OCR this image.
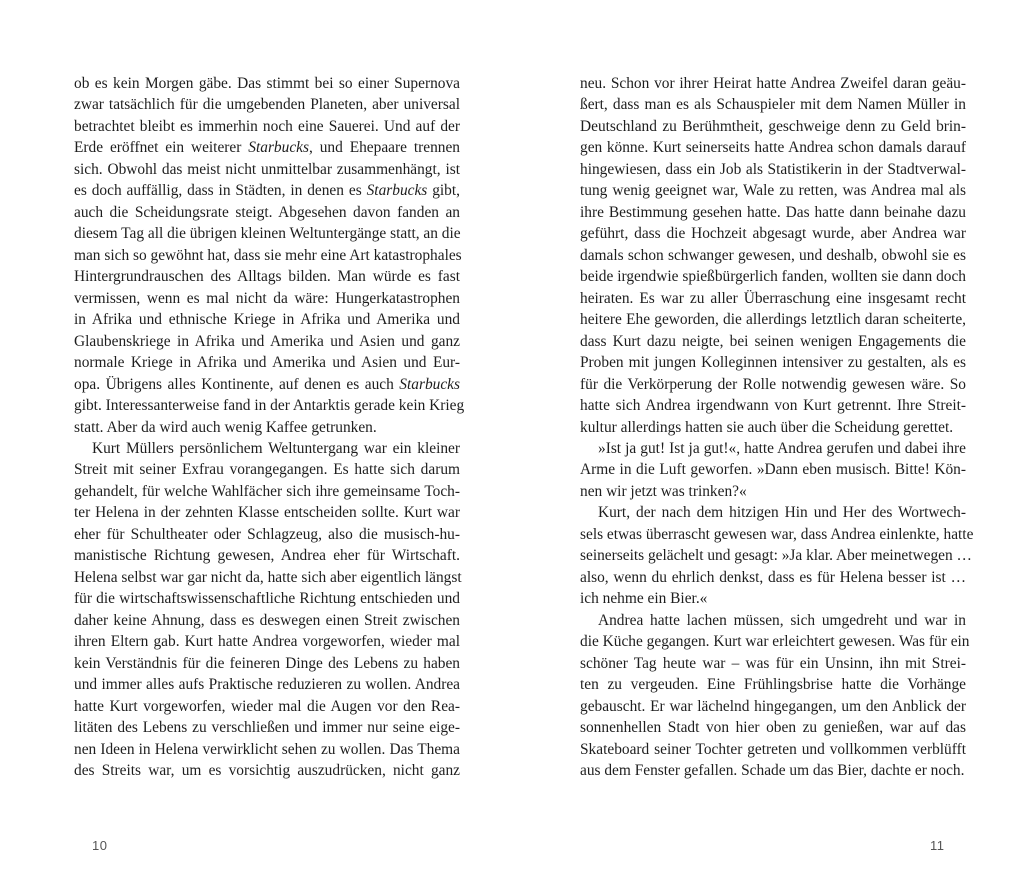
ob es kein Morgen gäbe. Das stimmt bei so einer Supernova
zwar tatsächlich für die umgebenden Planeten, aber universal
betrachtet bleibt es immerhin noch eine Sauerei. Und auf der
Erde eröffnet ein weiterer Starbucks, und Ehepaare trennen
sich. Obwohl das meist nicht unmittelbar zusammenhängt, ist
es doch auffällig, dass in Städten, in denen es Starbucks gibt,
auch die Scheidungsrate steigt. Abgesehen davon fanden an
diesem Tag all die übrigen kleinen Weltuntergänge statt, an die
man sich so gewöhnt hat, dass sie mehr eine Art katastrophales
Hintergrundrauschen des Alltags bilden. Man würde es fast
vermissen, wenn es mal nicht da wäre: Hungerkatastrophen
in Afrika und ethnische Kriege in Afrika und Amerika und
Glaubenskriege in Afrika und Amerika und Asien und ganz
normale Kriege in Afrika und Amerika und Asien und Eur-
opa. Übrigens alles Kontinente, auf denen es auch Starbucks
gibt. Interessanterweise fand in der Antarktis gerade kein Krieg
statt. Aber da wird auch wenig Kaffee getrunken.
Kurt Müllers persönlichem Weltuntergang war ein kleiner
Streit mit seiner Exfrau vorangegangen. Es hatte sich darum
gehandelt, für welche Wahlfächer sich ihre gemeinsame Toch-
ter Helena in der zehnten Klasse entscheiden sollte. Kurt war
eher für Schultheater oder Schlagzeug, also die musisch-hu-
manistische Richtung gewesen, Andrea eher für Wirtschaft.
Helena selbst war gar nicht da, hatte sich aber eigentlich längst
für die wirtschaftswissenschaftliche Richtung entschieden und
daher keine Ahnung, dass es deswegen einen Streit zwischen
ihren Eltern gab. Kurt hatte Andrea vorgeworfen, wieder mal
kein Verständnis für die feineren Dinge des Lebens zu haben
und immer alles aufs Praktische reduzieren zu wollen. Andrea
hatte Kurt vorgeworfen, wieder mal die Augen vor den Rea-
litäten des Lebens zu verschließen und immer nur seine eige-
nen Ideen in Helena verwirklicht sehen zu wollen. Das Thema
des Streits war, um es vorsichtig auszudrücken, nicht ganz
10
neu. Schon vor ihrer Heirat hatte Andrea Zweifel daran geäu-
ßert, dass man es als Schauspieler mit dem Namen Müller in
Deutschland zu Berühmtheit, geschweige denn zu Geld brin-
gen könne. Kurt seinerseits hatte Andrea schon damals darauf
hingewiesen, dass ein Job als Statistikerin in der Stadtverwal-
tung wenig geeignet war, Wale zu retten, was Andrea mal als
ihre Bestimmung gesehen hatte. Das hatte dann beinahe dazu
geführt, dass die Hochzeit abgesagt wurde, aber Andrea war
damals schon schwanger gewesen, und deshalb, obwohl sie es
beide irgendwie spießbürgerlich fanden, wollten sie dann doch
heiraten. Es war zu aller Überraschung eine insgesamt recht
heitere Ehe geworden, die allerdings letztlich daran scheiterte,
dass Kurt dazu neigte, bei seinen wenigen Engagements die
Proben mit jungen Kolleginnen intensiver zu gestalten, als es
für die Verkörperung der Rolle notwendig gewesen wäre. So
hatte sich Andrea irgendwann von Kurt getrennt. Ihre Streit-
kultur allerdings hatten sie auch über die Scheidung gerettet.
»Ist ja gut! Ist ja gut!«, hatte Andrea gerufen und dabei ihre
Arme in die Luft geworfen. »Dann eben musisch. Bitte! Kön-
nen wir jetzt was trinken?«
Kurt, der nach dem hitzigen Hin und Her des Wortwech-
sels etwas überrascht gewesen war, dass Andrea einlenkte, hatte
seinerseits gelächelt und gesagt: »Ja klar. Aber meinetwegen …
also, wenn du ehrlich denkst, dass es für Helena besser ist …
ich nehme ein Bier.«
Andrea hatte lachen müssen, sich umgedreht und war in
die Küche gegangen. Kurt war erleichtert gewesen. Was für ein
schöner Tag heute war – was für ein Unsinn, ihn mit Strei-
ten zu vergeuden. Eine Frühlingsbrise hatte die Vorhänge
gebauscht. Er war lächelnd hingegangen, um den Anblick der
sonnenhellen Stadt von hier oben zu genießen, war auf das
Skateboard seiner Tochter getreten und vollkommen verblüfft
aus dem Fenster gefallen. Schade um das Bier, dachte er noch.
11
